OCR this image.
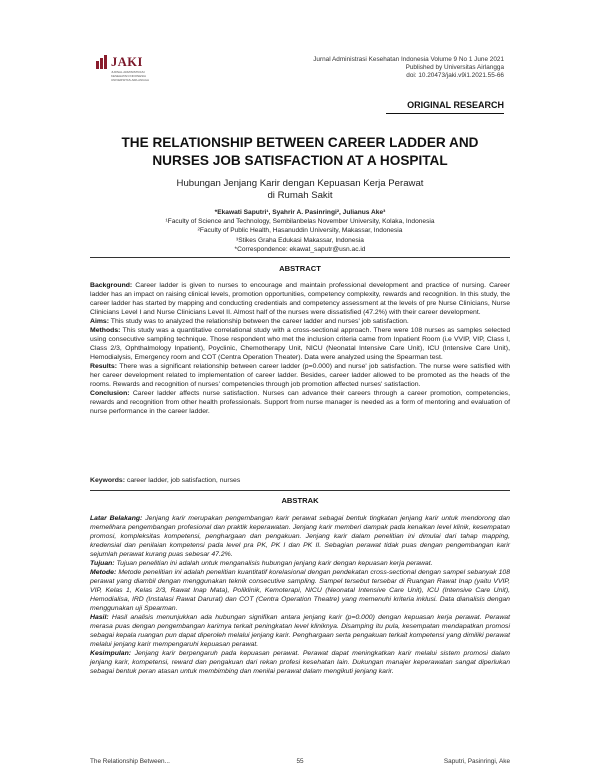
JAKI
JURNAL ADMINISTRASI
KESEHATAN INDONESIA
UNIVERSITAS AIRLANGGA
Jurnal Administrasi Kesehatan Indonesia Volume 9 No 1 June 2021
Published by Universitas Airlangga
doi: 10.20473/jaki.v9i1.2021.55-66
ORIGINAL RESEARCH
THE RELATIONSHIP BETWEEN CAREER LADDER AND
NURSES JOB SATISFACTION AT A HOSPITAL
Hubungan Jenjang Karir dengan Kepuasan Kerja Perawat
di Rumah Sakit
*Ekawati Saputri¹, Syahrir A. Pasinringi², Julianus Ake³
¹Faculty of Science and Technology, Sembilanbelas November University, Kolaka, Indonesia
²Faculty of Public Health, Hasanuddin University, Makassar, Indonesia
³Stikes Graha Edukasi Makassar, Indonesia
*Correspondence: ekawat_saputr@usn.ac.id
ABSTRACT

Background: Career ladder is given to nurses to encourage and maintain professional development and practice of nursing. Career ladder has an impact on raising clinical levels, promotion opportunities, competency complexity, rewards and recognition. In this study, the career ladder has started by mapping and conducting credentials and competency assessment at the levels of pre Nurse Clinicians, Nurse Clinicians Level I and Nurse Clinicians Level II. Almost half of the nurses were dissatisfied (47.2%) with their career development.

Aims: This study was to analyzed the relationship between the career ladder and nurses' job satisfaction.

Methods: This study was a quantitative correlational study with a cross-sectional approach. There were 108 nurses as samples selected using consecutive sampling technique. Those respondent who met the inclusion criteria came from Inpatient Room (i.e VVIP, VIP, Class I, Class 2/3, Ophthalmology Inpatient), Poyclinic, Chemotherapy Unit, NICU (Neonatal Intensive Care Unit), ICU (Intensive Care Unit), Hemodialysis, Emergency room and COT (Centra Operation Theater). Data were analyzed using the Spearman test.

Results: There was a significant relationship between career ladder (p=0.000) and nurse' job satisfaction. The nurse were satisfied with her career development related to implementation of career ladder. Besides, career ladder allowed to be promoted as the heads of the rooms. Rewards and recognition of nurses' competencies through job promotion affected nurses' satisfaction.

Conclusion: Career ladder affects nurse satisfaction. Nurses can advance their careers through a career promotion, competencies, rewards and recognition from other health professionals. Support from nurse manager is needed as a form of mentoring and evaluation of nurse performance in the career ladder.

Keywords: career ladder, job satisfaction, nurses
ABSTRAK

Latar Belakang: Jenjang karir merupakan pengembangan karir perawat sebagai bentuk tingkatan jenjang karir untuk mendorong dan memelihara pengembangan profesional dan praktik keperawatan. Jenjang karir memberi dampak pada kenaikan level klinik, kesempatan promosi, kompleksitas kompetensi, penghargaan dan pengakuan. Jenjang karir dalam penelitian ini dimulai dari tahap mapping, kredensial dan penilaian kompetensi pada level pra PK, PK I dan PK II. Sebagian perawat tidak puas dengan pengembangan karir sejumlah perawat kurang puas sebesar 47.2%.

Tujuan: Tujuan penelitian ini adalah untuk menganalisis hubungan jenjang karir dengan kepuasan kerja perawat.

Metode: Metode penelitian ini adalah penelitian kuantitatif korelasional dengan pendekatan cross-sectional dengan sampel sebanyak 108 perawat yang diambil dengan menggunakan teknik consecutive sampling. Sampel tersebut tersebar di Ruangan Rawat Inap (yaitu VVIP, VIP, Kelas 1, Kelas 2/3, Rawat Inap Mata), Poliklinik, Kemoterapi, NICU (Neonatal Intensive Care Unit), ICU (Intensive Care Unit), Hemodialisa, IRD (Instalasi Rawat Darurat) dan COT (Centra Operation Theatre) yang memenuhi kriteria inklusi. Data dianalisis dengan menggunakan uji Spearman.

Hasil: Hasil analisis menunjukkan ada hubungan signifikan antara jenjang karir (p=0.000) dengan kepuasan kerja perawat. Perawat merasa puas dengan pengembangan karirnya terkait peningkatan level kliniknya. Disamping itu pula, kesempatan mendapatkan promosi sebagai kepala ruangan pun dapat diperoleh melalui jenjang karir. Penghargaan serta pengakuan terkait kompetensi yang dimiliki perawat melalui jenjang karir mempengaruhi kepuasan perawat.

Kesimpulan: Jenjang karir berpengaruh pada kepuasan perawat. Perawat dapat meningkatkan karir melalui sistem promosi dalam jenjang karir, kompetensi, reward dan pengakuan dari rekan profesi kesehatan lain. Dukungan manajer keperawatan sangat diperlukan sebagai bentuk peran atasan untuk membimbing dan menilai perawat dalam mengikuti jenjang karir.

The Relationship Between...	55	Saputri, Pasinringi, Ake
